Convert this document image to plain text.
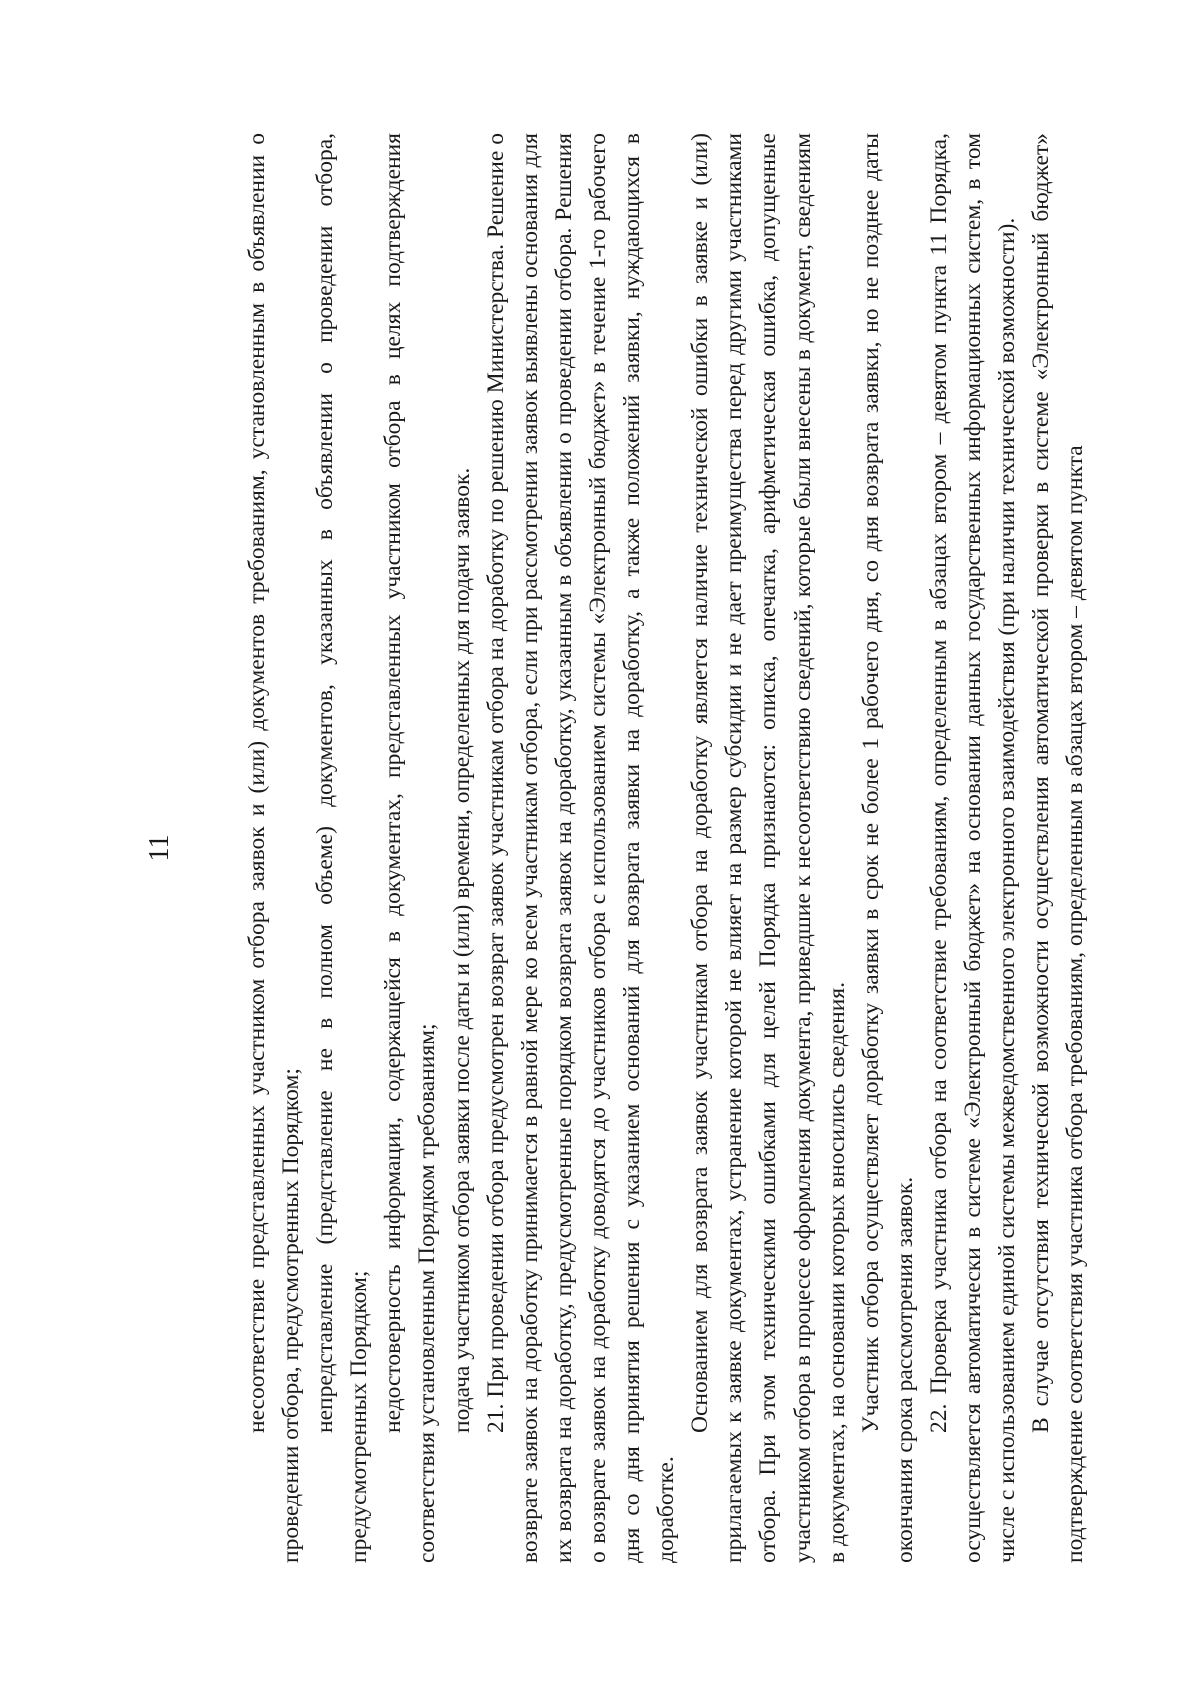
11	несоответствие представленных участником отбора заявок и (или) документов требованиям, установленным в объявлении о проведении отбора, предусмотренных Порядком; непредставление (представление не в полном объеме) документов, указанных в объявлении о проведении отбора, предусмотренных Порядком; недостоверность информации, содержащейся в документах, представленных участником отбора в целях подтверждения соответствия установленным Порядком требованиям; подача участником отбора заявки после даты и (или) времени, определенных для подачи заявок. 21. При проведении отбора предусмотрен возврат заявок участникам отбора на доработку по решению Министерства. Решение о возврате заявок на доработку принимается в равной мере ко всем участникам отбора, если при рассмотрении заявок выявлены основания для их возврата на доработку, предусмотренные порядком возврата заявок на доработку, указанным в объявлении о проведении отбора. Решения о возврате заявок на доработку доводятся до участников отбора с использованием системы «Электронный бюджет» в течение 1-го рабочего дня со дня принятия решения с указанием оснований для возврата заявки на доработку, а также положений заявки, нуждающихся в доработке.

Основанием для возврата заявок участникам отбора на доработку является наличие технической ошибки в заявке и (или) прилагаемых к заявке документах, устранение которой не влияет на размер субсидии и не дает преимущества перед другими участниками отбора. При этом техническими ошибками для целей Порядка признаются: описка, опечатка, арифметическая ошибка, допущенные участником отбора в процессе оформления документа, приведшие к несоответствию сведений, которые были внесены в документ, сведениям в документах, на основании которых вносились сведения. Участник отбора осуществляет доработку заявки в срок не более 1 рабочего дня, со дня возврата заявки, но не позднее даты окончания срока рассмотрения заявок. 22. Проверка участника отбора на соответствие требованиям, определенным в абзацах втором – девятом пункта 11 Порядка, осуществляется автоматически в системе «Электронный бюджет» на основании данных государственных информационных систем, в том числе с использованием единой системы межведомственного электронного взаимодействия (при наличии технической возможности). В случае отсутствия технической возможности осуществления автоматической проверки в системе «Электронный бюджет» подтверждение соответствия участника отбора требованиям, определенным в абзацах втором – девятом пункта
